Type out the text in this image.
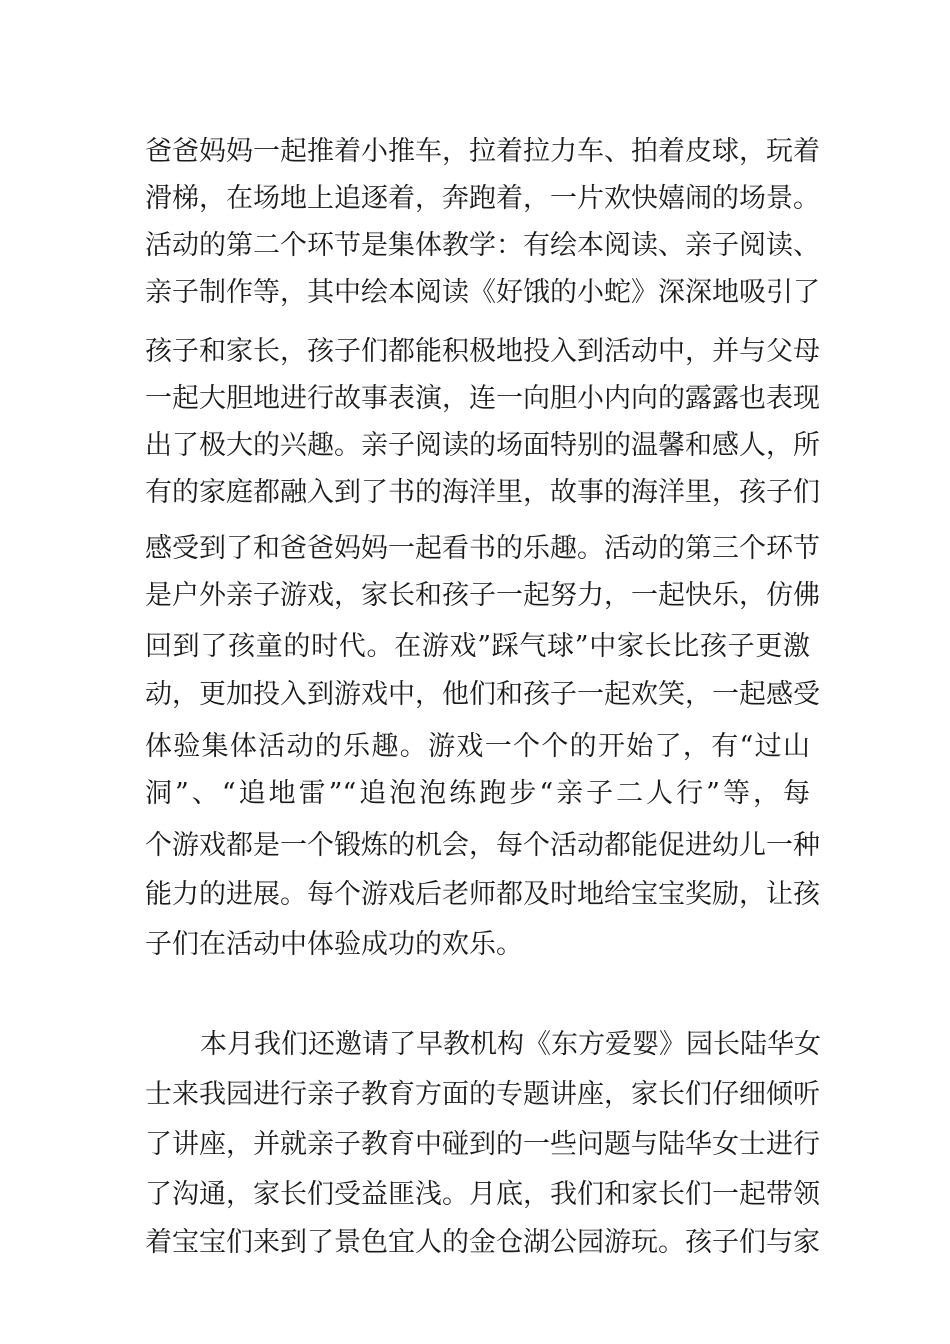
爸爸妈妈一起推着小推车，拉着拉力车、拍着皮球，玩着
滑梯，在场地上追逐着，奔跑着，一片欢快嬉闹的场景。
活动的第二个环节是集体教学：有绘本阅读、亲子阅读、
亲子制作等，其中绘本阅读《好饿的小蛇》深深地吸引了
孩子和家长，孩子们都能积极地投入到活动中，并与父母
一起大胆地进行故事表演，连一向胆小内向的露露也表现
出了极大的兴趣。亲子阅读的场面特别的温馨和感人，所
有的家庭都融入到了书的海洋里，故事的海洋里，孩子们
感受到了和爸爸妈妈一起看书的乐趣。活动的第三个环节
是户外亲子游戏，家长和孩子一起努力，一起快乐，仿佛
回到了孩童的时代。在游戏”踩气球”中家长比孩子更激
动，更加投入到游戏中，他们和孩子一起欢笑，一起感受
体验集体活动的乐趣。游戏一个个的开始了，有“过山
洞”、“追地雷”“追泡泡练跑步“亲子二人行”等，每
个游戏都是一个锻炼的机会，每个活动都能促进幼儿一种
能力的进展。每个游戏后老师都及时地给宝宝奖励，让孩
子们在活动中体验成功的欢乐。
本月我们还邀请了早教机构《东方爱婴》园长陆华女
士来我园进行亲子教育方面的专题讲座，家长们仔细倾听
了讲座，并就亲子教育中碰到的一些问题与陆华女士进行
了沟通，家长们受益匪浅。月底，我们和家长们一起带领
着宝宝们来到了景色宜人的金仓湖公园游玩。孩子们与家
